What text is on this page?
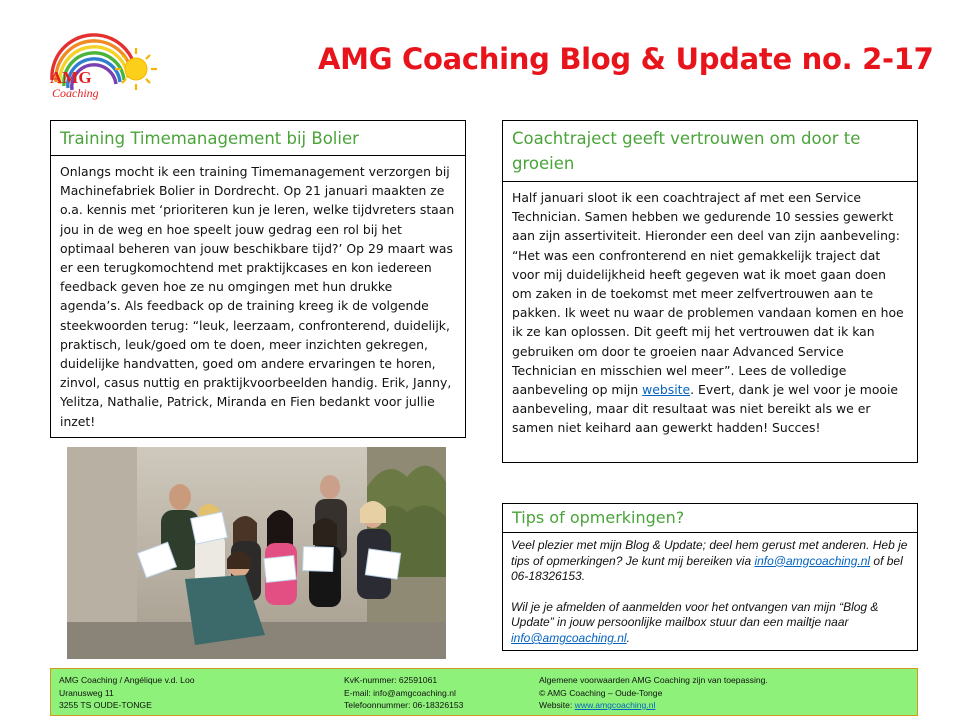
AMG
Coaching
AMG Coaching Blog & Update no. 2-17
Training Timemanagement bij Bolier

Onlangs mocht ik een training Timemanagement verzorgen bij Machinefabriek Bolier in Dordrecht. Op 21 januari maakten ze o.a. kennis met ‘prioriteren kun je leren, welke tijdvreters staan jou in de weg en hoe speelt jouw gedrag een rol bij het optimaal beheren van jouw beschikbare tijd?’ Op 29 maart was er een terugkomochtend met praktijkcases en kon iedereen feedback geven hoe ze nu omgingen met hun drukke agenda’s. Als feedback op de training kreeg ik de volgende steekwoorden terug: “leuk, leerzaam, confronterend, duidelijk, praktisch, leuk/goed om te doen, meer inzichten gekregen, duidelijke handvatten, goed om andere ervaringen te horen, zinvol, casus nuttig en praktijkvoorbeelden handig. Erik, Janny, Yelitza, Nathalie, Patrick, Miranda en Fien bedankt voor jullie inzet!

Coachtraject geeft vertrouwen om door te groeien

Half januari sloot ik een coachtraject af met een Service Technician. Samen hebben we gedurende 10 sessies gewerkt aan zijn assertiviteit. Hieronder een deel van zijn aanbeveling: “Het was een confronterend en niet gemakkelijk traject dat voor mij duidelijkheid heeft gegeven wat ik moet gaan doen om zaken in de toekomst met meer zelfvertrouwen aan te pakken. Ik weet nu waar de problemen vandaan komen en hoe ik ze kan oplossen. Dit geeft mij het vertrouwen dat ik kan gebruiken om door te groeien naar Advanced Service Technician en misschien wel meer”. Lees de volledige aanbeveling op mijn website. Evert, dank je wel voor je mooie aanbeveling, maar dit resultaat was niet bereikt als we er samen niet keihard aan gewerkt hadden! Succes!

Tips of opmerkingen?

Veel plezier met mijn Blog & Update; deel hem gerust met anderen. Heb je tips of opmerkingen? Je kunt mij bereiken via info@amgcoaching.nl of bel 06-18326153.

Wil je je afmelden of aanmelden voor het ontvangen van mijn “Blog & Update” in jouw persoonlijke mailbox stuur dan een mailtje naar info@amgcoaching.nl.

AMG Coaching / Angélique v.d. Loo
Uranusweg 11
3255 TS OUDE-TONGE
KvK-nummer: 62591061
E-mail: info@amgcoaching.nl
Telefoonnummer: 06-18326153
Algemene voorwaarden AMG Coaching zijn van toepassing.
© AMG Coaching – Oude-Tonge
Website: www.amgcoaching.nl
